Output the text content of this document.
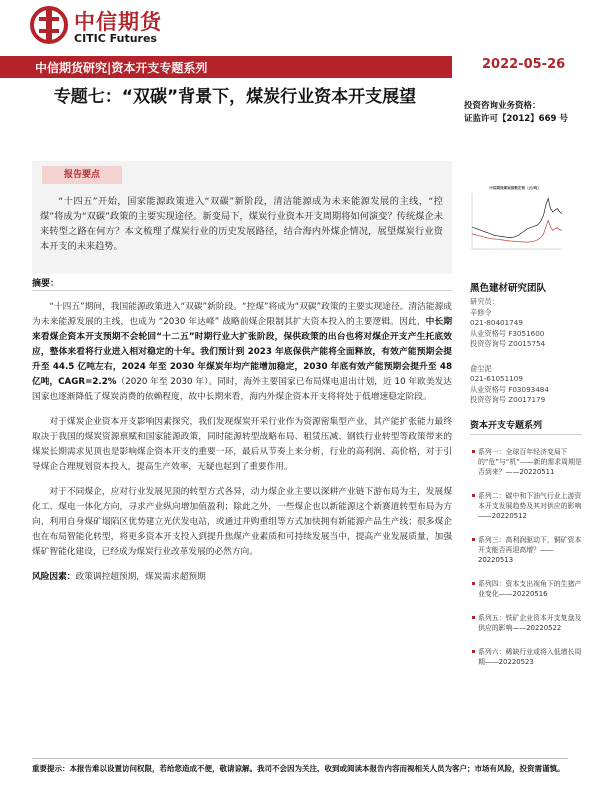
中信期货
CITIC Futures
中信期货研究|资本开支专题系列	2022-05-26
专题七：“双碳”背景下，煤炭行业资本开支展望	投资咨询业务资格：
证监许可【2012】669 号
报告要点
“十四五”开始，国家能源政策进入“双碳”新阶段，清洁能源成为未来能源发展的主线，“控煤”将成为“双碳”政策的主要实现途径。新变局下，煤炭行业资本开支周期将如何演变？传统煤企未来转型之路在何方？本文梳理了煤炭行业的历史发展路径，结合海内外煤企情况，展望煤炭行业资本开支的未来趋势。
中信期货煤炭指数走势（元/吨）
黑色建材研究团队
研究员：
辛修令
021-80401749
从业资格号 F3051600
投资咨询号 Z0015754
俞尘泥
021-61051109
从业资格号 F03093484
投资咨询号 Z0017179
资本开支专题系列
系列一：全球百年经济变局下的“危”与“机”——新的需求周期是否到来？——20220511
系列二：碳中和下油气行业上游资本开支发展趋势及其对供应的影响——20220512
系列三：高利润驱动下，铜矿资本开支能否再迎高增？——20220513
系列四：资本支出视角下的生猪产业变化——20220516
系列五：铁矿企业资本开支复盘及供应的影响——20220522
系列六：稀缺行业或将入低增长周期——20220523
摘要：

“十四五”期间，我国能源政策进入“双碳”新阶段。“控煤”将成为“双碳”政策的主要实现途径。清洁能源成为未来能源发展的主线，也成为 “2030 年达峰” 战略前煤企限制其扩大资本投入的主要逻辑。因此，中长期来看煤企资本开支预期不会轮回“十二五”时期行业大扩张阶段，保供政策的出台也将对煤企开支产生托底效应，整体来看将行业进入相对稳定的十年。我们预计到 2023 年底保供产能将全面释放，有效产能预期会提升至 44.5 亿吨左右，2024 年至 2030 年煤炭年均产能增加稳定，2030 年底有效产能预期会提升至 48 亿吨，CAGR=2.2%（2020 年至 2030 年）。同时，海外主要国家已布局煤电退出计划，近 10 年欧美发达国家也逐渐降低了煤炭消费的依赖程度，故中长期来看，海内外煤企资本开支将将处于低增速稳定阶段。

对于煤炭企业资本开支影响因素探究，我们发现煤炭开采行业作为资源密集型产业，其产能扩张能力最终取决于我国的煤炭资源禀赋和国家能源政策，同时能源转型战略布局、租赁压减、钢铁行业转型等政策带来的煤炭长期需求见顶也是影响煤企资本开支的重要一环，最后从节奏上来分析，行业的高利润、高价格，对于引导煤企合理规划资本投入，提高生产效率，无疑也起到了重要作用。

对于不同煤企，应对行业发展见顶的转型方式各异，动力煤企业主要以深耕产业链下游布局为主，发展煤化工、煤电一体化方向，寻求产业纵向增加值盈利；除此之外，一些煤企也以新能源这个新赛道转型布局为方向，利用自身煤矿塌陷区优势建立光伏发电站，或通过并购重组等方式加快拥有新能源产品生产线；很多煤企也在布局智能化转型，将更多资本开支投入到提升焦煤产业素质和可持续发展当中，提高产业发展质量，加强煤矿智能化建设，已经成为煤炭行业改革发展的必然方向。

风险因素：政策调控超预期，煤炭需求超预期

重要提示：本报告难以设置访问权限，若给您造成不便，敬请谅解。我司不会因为关注、收到或阅读本报告内容而视相关人员为客户；市场有风险，投资需谨慎。
